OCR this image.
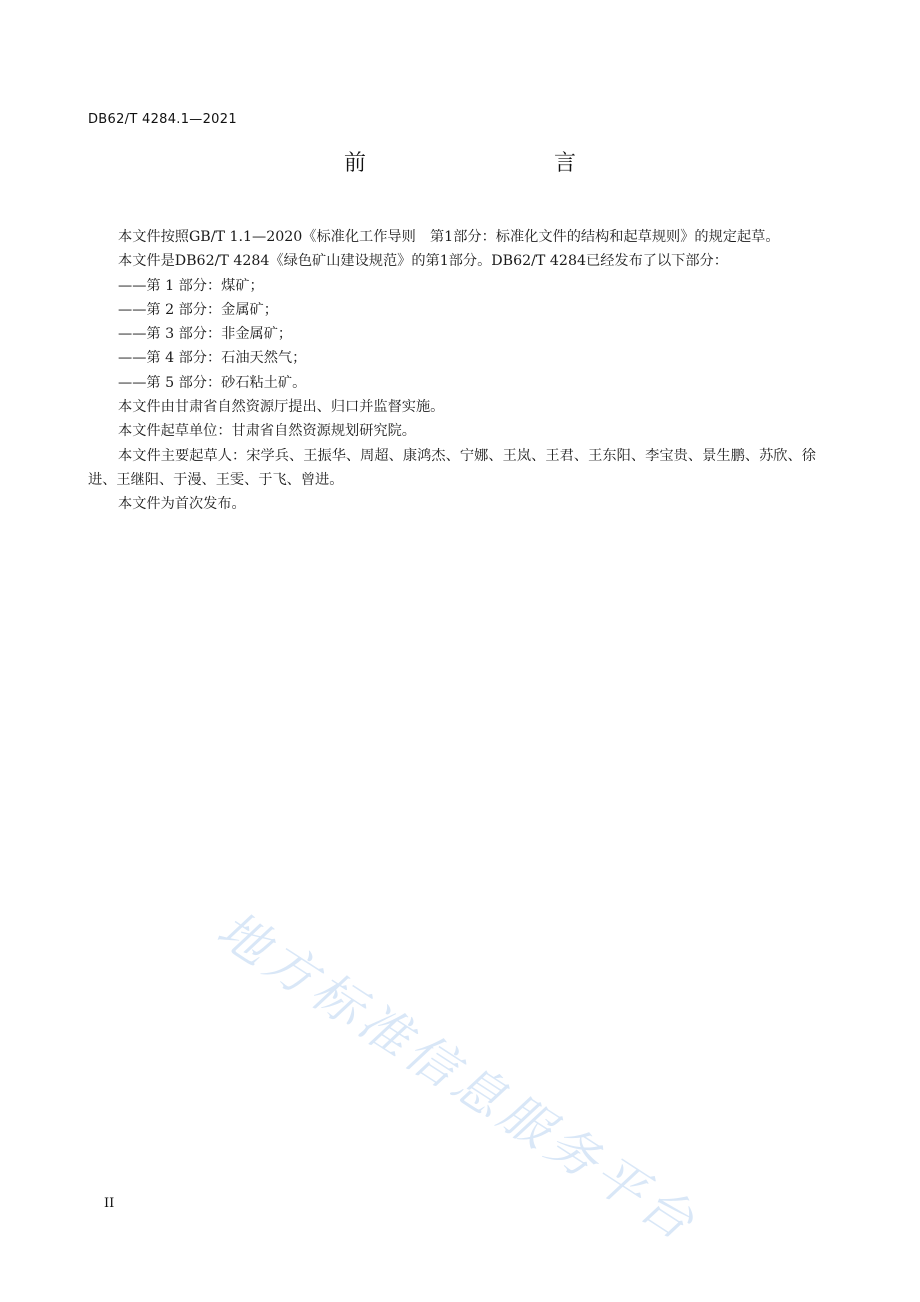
DB62/T 4284.1—2021
前　　言

本文件按照GB/T 1.1—2020《标准化工作导则　第1部分：标准化文件的结构和起草规则》的规定起草。

本文件是DB62/T 4284《绿色矿山建设规范》的第1部分。DB62/T 4284已经发布了以下部分：

——第 1 部分：煤矿；

——第 2 部分：金属矿；

——第 3 部分：非金属矿；

——第 4 部分：石油天然气；

——第 5 部分：砂石粘土矿。

本文件由甘肃省自然资源厅提出、归口并监督实施。

本文件起草单位：甘肃省自然资源规划研究院。

本文件主要起草人：宋学兵、王振华、周超、康鸿杰、宁娜、王岚、王君、王东阳、李宝贵、景生鹏、苏欣、徐进、王继阳、于漫、王雯、于飞、曾进。

本文件为首次发布。

地方标准信息服务平台
II
